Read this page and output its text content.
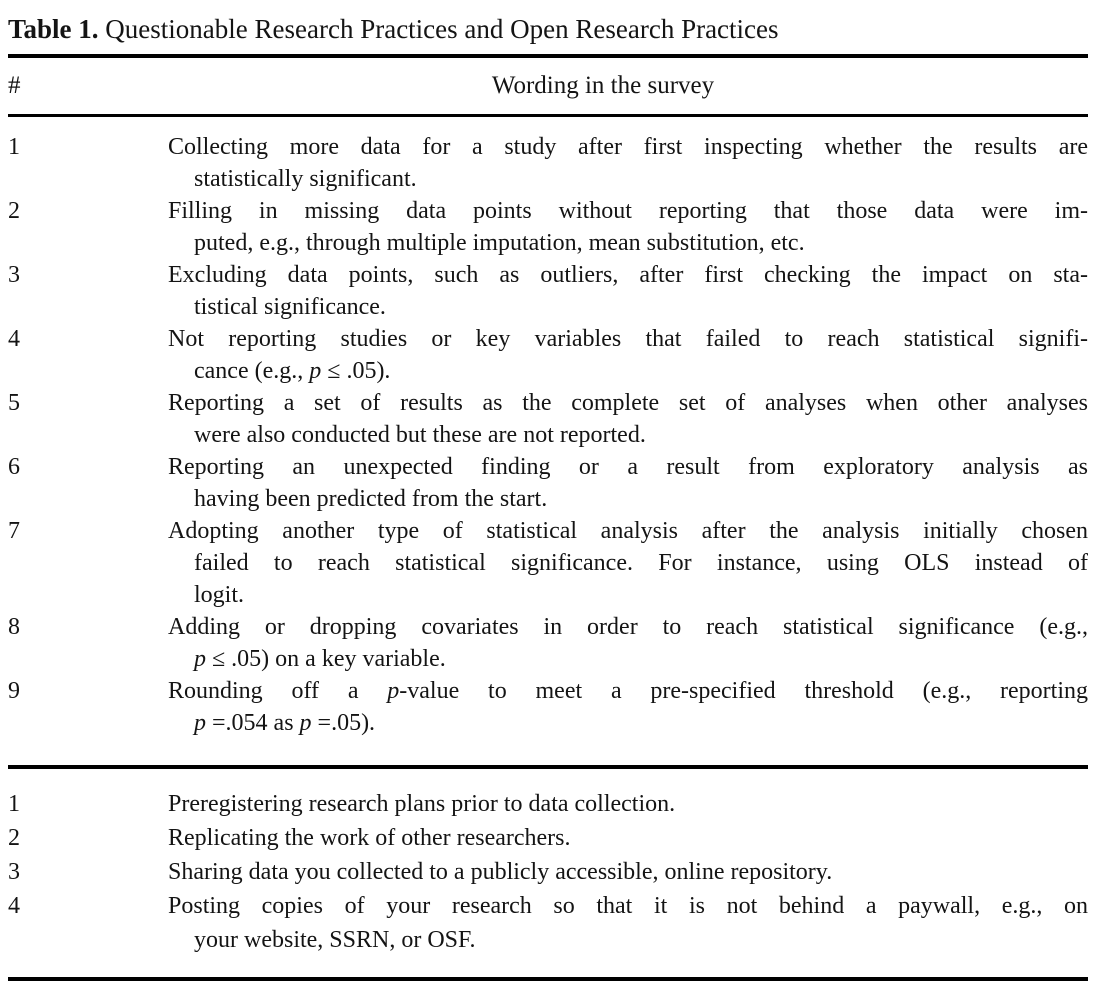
Table 1. Questionable Research Practices and Open Research Practices
#	Wording in the survey
1	Collecting more data for a study after first inspecting whether the results are
statistically significant.
2	Filling in missing data points without reporting that those data were im-
puted, e.g., through multiple imputation, mean substitution, etc.
3	Excluding data points, such as outliers, after first checking the impact on sta-
tistical significance.
4	Not reporting studies or key variables that failed to reach statistical signifi-
cance (e.g., p ≤ .05).
5	Reporting a set of results as the complete set of analyses when other analyses
were also conducted but these are not reported.
6	Reporting an unexpected finding or a result from exploratory analysis as
having been predicted from the start.
7	Adopting another type of statistical analysis after the analysis initially chosen
failed to reach statistical significance. For instance, using OLS instead of
logit.
8	Adding or dropping covariates in order to reach statistical significance (e.g.,
p ≤ .05) on a key variable.
9	Rounding off a p-value to meet a pre-specified threshold (e.g., reporting
p =.054 as p =.05).
1	Preregistering research plans prior to data collection.
2	Replicating the work of other researchers.
3	Sharing data you collected to a publicly accessible, online repository.
4	Posting copies of your research so that it is not behind a paywall, e.g., on
your website, SSRN, or OSF.
